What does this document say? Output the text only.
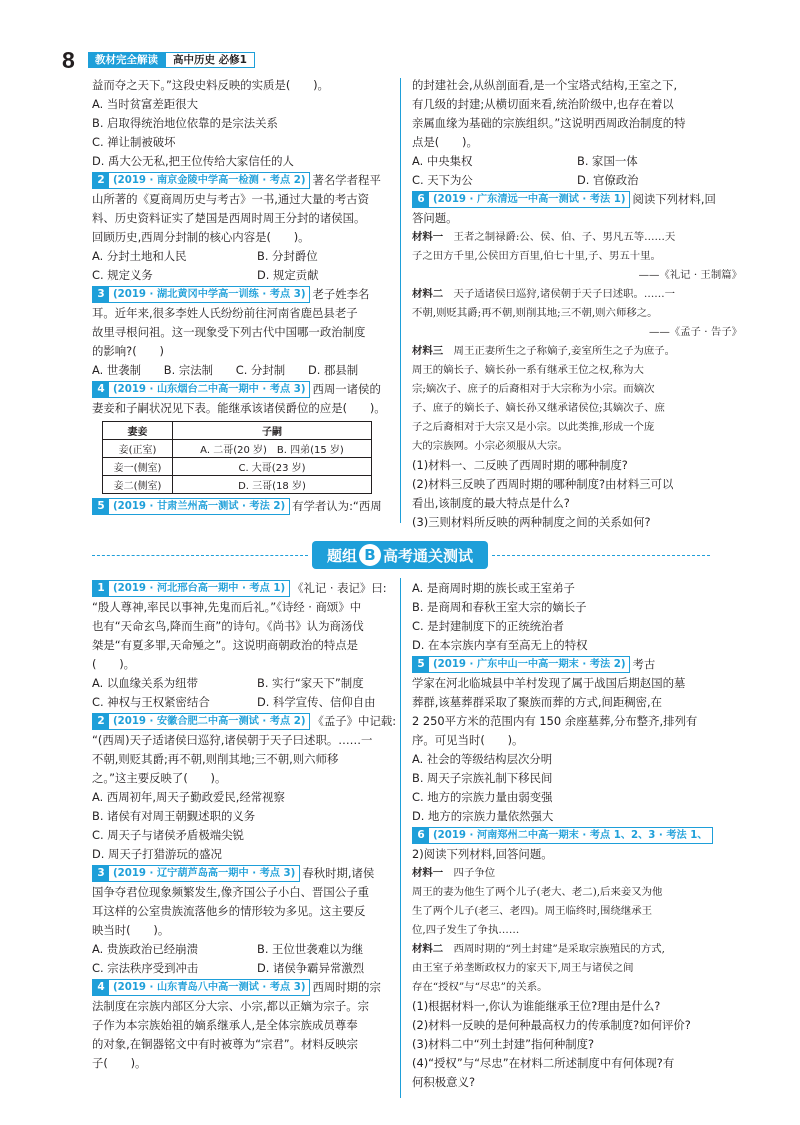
8	教材完全解读	高中历史 必修1
益而夺之天下。”这段史料反映的实质是(　　)。
A. 当时贫富差距很大
B. 启取得统治地位依靠的是宗法关系
C. 禅让制被破坏
D. 禹大公无私,把王位传给大家信任的人
2 (2019 · 南京金陵中学高一检测 · 考点 2) 著名学者程平
山所著的《夏商周历史与考古》一书,通过大量的考古资
料、历史资料证实了楚国是西周时周王分封的诸侯国。
回顾历史,西周分封制的核心内容是(　　)。
A. 分封土地和人民	B. 分封爵位
C. 规定义务	D. 规定贡献
3 (2019 · 湖北黄冈中学高一训练 · 考点 3) 老子姓李名
耳。近年来,很多李姓人氏纷纷前往河南省鹿邑县老子
故里寻根问祖。这一现象受下列古代中国哪一政治制度
的影响?(　　)
A. 世袭制　　B. 宗法制　　C. 分封制　　D. 郡县制
4 (2019 · 山东烟台二中高一期中 · 考点 3) 西周一诸侯的
妻妾和子嗣状况见下表。能继承该诸侯爵位的应是(　　)。
妻妾	子嗣
妾(正室)	A. 二哥(20 岁)　B. 四弟(15 岁)
妾一(侧室)	C. 大哥(23 岁)
妾二(侧室)	D. 三哥(18 岁)
5 (2019 · 甘肃兰州高一测试 · 考法 2) 有学者认为:“西周
的封建社会,从纵剖面看,是一个宝塔式结构,王室之下,
有几级的封建;从横切面来看,统治阶级中,也存在着以
亲属血缘为基础的宗族组织。”这说明西周政治制度的特
点是(　　)。
A. 中央集权	B. 家国一体
C. 天下为公	D. 官僚政治
6 (2019 · 广东清远一中高一测试 · 考法 1) 阅读下列材料,回
答问题。
材料一　王者之制禄爵:公、侯、伯、子、男凡五等……天
子之田方千里,公侯田方百里,伯七十里,子、男五十里。
——《礼记 · 王制篇》
材料二　天子适诸侯曰巡狩,诸侯朝于天子曰述职。……一
不朝,则贬其爵;再不朝,则削其地;三不朝,则六师移之。
——《孟子 · 告子》
材料三　周王正妻所生之子称嫡子,妾室所生之子为庶子。
周王的嫡长子、嫡长孙一系有继承王位之权,称为大
宗;嫡次子、庶子的后裔相对于大宗称为小宗。而嫡次
子、庶子的嫡长子、嫡长孙又继承诸侯位;其嫡次子、庶
子之后裔相对于大宗又是小宗。以此类推,形成一个庞
大的宗族网。小宗必须服从大宗。
(1)材料一、二反映了西周时期的哪种制度?
(2)材料三反映了西周时期的哪种制度?由材料三可以
看出,该制度的最大特点是什么?
(3)三则材料所反映的两种制度之间的关系如何?
题组 B 高考通关测试
1 (2019 · 河北邢台高一期中 · 考点 1) 《礼记 · 表记》曰:
“殷人尊神,率民以事神,先鬼而后礼。”《诗经 · 商颂》中
也有“天命玄鸟,降而生商”的诗句。《尚书》认为商汤伐
桀是“有夏多罪,天命殛之”。这说明商朝政治的特点是
(　　)。
A. 以血缘关系为纽带	B. 实行“家天下”制度
C. 神权与王权紧密结合	D. 科学宣传、信仰自由
2 (2019 · 安徽合肥二中高一测试 · 考点 2) 《孟子》中记载:
“(西周)天子适诸侯曰巡狩,诸侯朝于天子曰述职。……一
不朝,则贬其爵;再不朝,则削其地;三不朝,则六师移
之。”这主要反映了(　　)。
A. 西周初年,周天子勤政爱民,经常视察
B. 诸侯有对周王朝觐述职的义务
C. 周天子与诸侯矛盾极端尖锐
D. 周天子打猎游玩的盛况
3 (2019 · 辽宁葫芦岛高一期中 · 考点 3) 春秋时期,诸侯
国争夺君位现象频繁发生,像齐国公子小白、晋国公子重
耳这样的公室贵族流落他乡的情形较为多见。这主要反
映当时(　　)。
A. 贵族政治已经崩溃	B. 王位世袭难以为继
C. 宗法秩序受到冲击	D. 诸侯争霸异常激烈
4 (2019 · 山东青岛八中高一测试 · 考点 3) 西周时期的宗
法制度在宗族内部区分大宗、小宗,都以正嫡为宗子。宗
子作为本宗族始祖的嫡系继承人,是全体宗族成员尊奉
的对象,在铜器铭文中有时被尊为“宗君”。材料反映宗
子(　　)。
A. 是商周时期的族长或王室弟子
B. 是商周和春秋王室大宗的嫡长子
C. 是封建制度下的正统统治者
D. 在本宗族内享有至高无上的特权
5 (2019 · 广东中山一中高一期末 · 考法 2) 考古
学家在河北临城县中羊村发现了属于战国后期赵国的墓
葬群,该墓葬群采取了聚族而葬的方式,间距稠密,在
2 250平方米的范围内有 150 余座墓葬,分布整齐,排列有
序。可见当时(　　)。
A. 社会的等级结构层次分明
B. 周天子宗族礼制下移民间
C. 地方的宗族力量由弱变强
D. 地方的宗族力量依然强大
6 (2019 · 河南郑州二中高一期末 · 考点 1、2、3 · 考法 1、
2)阅读下列材料,回答问题。
材料一　四子争位
周王的妻为他生了两个儿子(老大、老二),后来妾又为他
生了两个儿子(老三、老四)。周王临终时,围绕继承王
位,四子发生了争执……
材料二　西周时期的“列土封建”是采取宗族殖民的方式,
由王室子弟垄断政权力的家天下,周王与诸侯之间
存在“授权”与“尽忠”的关系。
(1)根据材料一,你认为谁能继承王位?理由是什么?
(2)材料一反映的是何种最高权力的传承制度?如何评价?
(3)材料二中“列土封建”指何种制度?
(4)“授权”与“尽忠”在材料二所述制度中有何体现?有
何积极意义?
